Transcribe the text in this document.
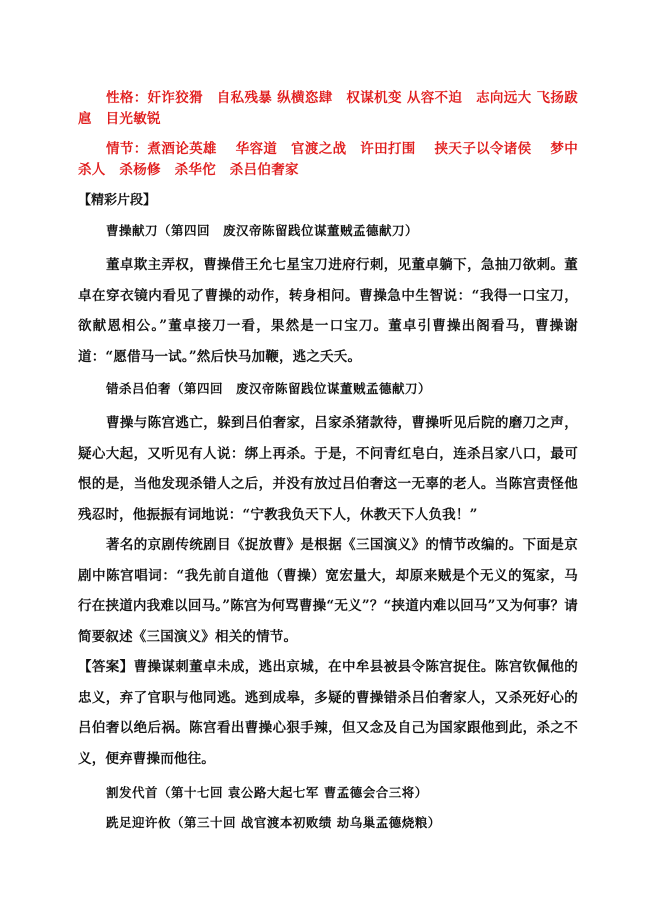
性格：奸诈狡猾　自私残暴 纵横恣肆　权谋机变 从容不迫　志向远大 飞扬跋扈　目光敏锐
情节：煮酒论英雄　 华容道　官渡之战　许田打围　 挟天子以令诸侯　 梦中杀人　杀杨修　杀华佗　杀吕伯奢家
【精彩片段】
曹操献刀（第四回　废汉帝陈留践位谋董贼孟德献刀）

董卓欺主弄权，曹操借王允七星宝刀进府行刺，见董卓躺下，急抽刀欲刺。董卓在穿衣镜内看见了曹操的动作，转身相问。曹操急中生智说：“我得一口宝刀，欲献恩相公。”董卓接刀一看，果然是一口宝刀。董卓引曹操出阁看马，曹操谢道：“愿借马一试。”然后快马加鞭，逃之夭夭。

错杀吕伯奢（第四回　废汉帝陈留践位谋董贼孟德献刀）

曹操与陈宫逃亡，躲到吕伯奢家，吕家杀猪款待，曹操听见后院的磨刀之声，疑心大起，又听见有人说：绑上再杀。于是，不问青红皂白，连杀吕家八口，最可恨的是，当他发现杀错人之后，并没有放过吕伯奢这一无辜的老人。当陈宫责怪他残忍时，他振振有词地说：“宁教我负天下人，休教天下人负我！”

著名的京剧传统剧目《捉放曹》是根据《三国演义》的情节改编的。下面是京剧中陈宫唱词：“我先前自道他（曹操）宽宏量大，却原来贼是个无义的冤家，马行在挟道内我难以回马。”陈宫为何骂曹操“无义”？“挟道内难以回马”又为何事？请简要叙述《三国演义》相关的情节。

【答案】曹操谋刺董卓未成，逃出京城，在中牟县被县令陈宫捉住。陈宫钦佩他的忠义，弃了官职与他同逃。逃到成皋，多疑的曹操错杀吕伯奢家人，又杀死好心的吕伯奢以绝后祸。陈宫看出曹操心狠手辣，但又念及自己为国家跟他到此，杀之不义，便弃曹操而他往。

割发代首（第十七回 袁公路大起七军 曹孟德会合三将）
跣足迎许攸（第三十回 战官渡本初败绩 劫乌巢孟德烧粮）
